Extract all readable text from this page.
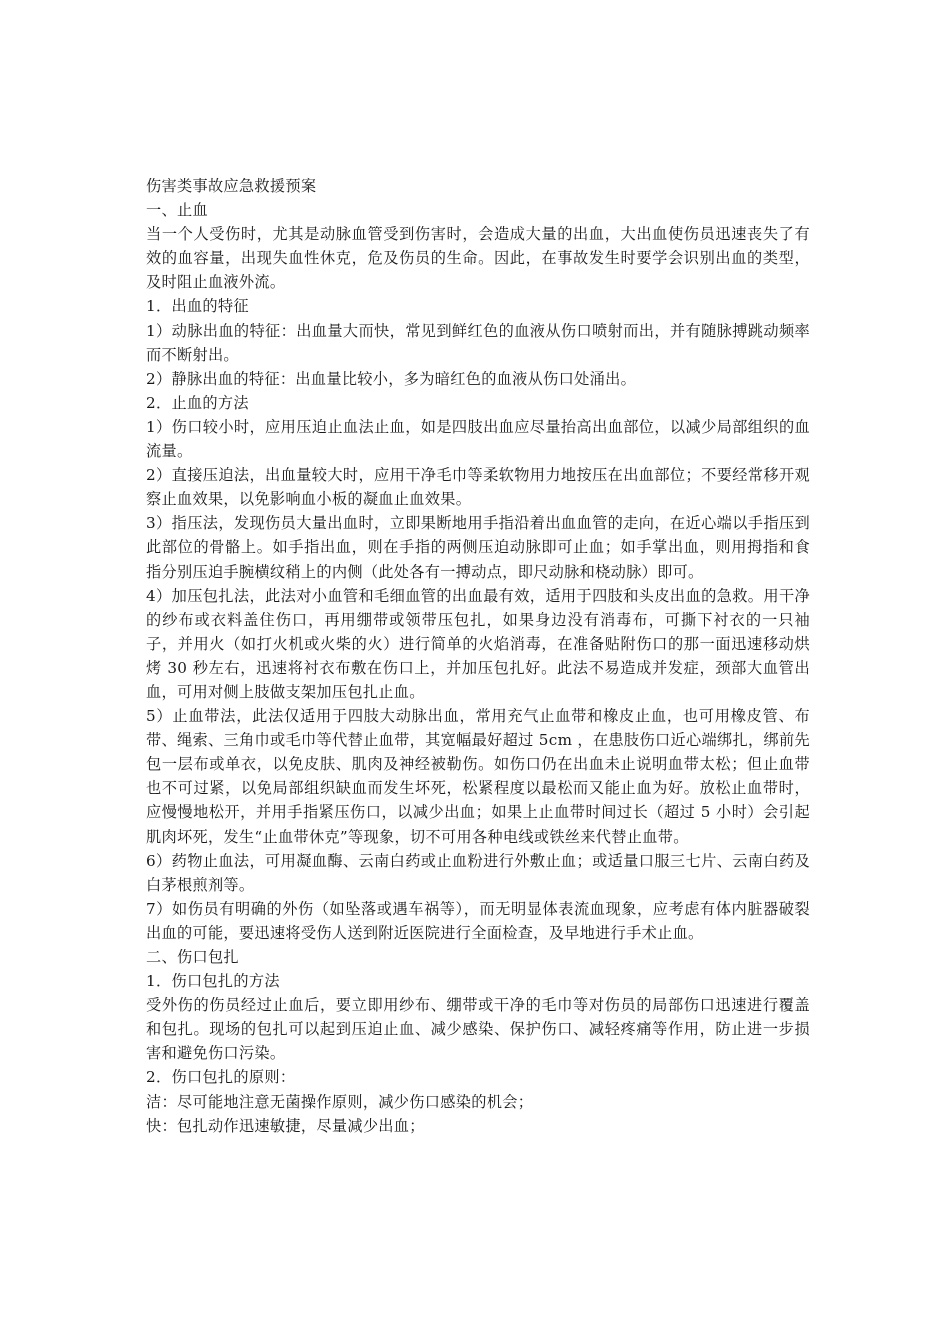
伤害类事故应急救援预案

一、止血

当一个人受伤时，尤其是动脉血管受到伤害时，会造成大量的出血，大出血使伤员迅速丧失了有效的血容量，出现失血性休克，危及伤员的生命。因此，在事故发生时要学会识别出血的类型，及时阻止血液外流。

1．出血的特征

1）动脉出血的特征：出血量大而快，常见到鲜红色的血液从伤口喷射而出，并有随脉搏跳动频率而不断射出。

2）静脉出血的特征：出血量比较小，多为暗红色的血液从伤口处涌出。

2．止血的方法

1）伤口较小时，应用压迫止血法止血，如是四肢出血应尽量抬高出血部位，以减少局部组织的血流量。

2）直接压迫法，出血量较大时，应用干净毛巾等柔软物用力地按压在出血部位；不要经常移开观察止血效果，以免影响血小板的凝血止血效果。

3）指压法，发现伤员大量出血时，立即果断地用手指沿着出血血管的走向，在近心端以手指压到此部位的骨骼上。如手指出血，则在手指的两侧压迫动脉即可止血；如手掌出血，则用拇指和食指分别压迫手腕横纹稍上的内侧（此处各有一搏动点，即尺动脉和桡动脉）即可。

4）加压包扎法，此法对小血管和毛细血管的出血最有效，适用于四肢和头皮出血的急救。用干净的纱布或衣料盖住伤口，再用绷带或领带压包扎，如果身边没有消毒布，可撕下衬衣的一只袖子，并用火（如打火机或火柴的火）进行简单的火焰消毒，在准备贴附伤口的那一面迅速移动烘烤 30 秒左右，迅速将衬衣布敷在伤口上，并加压包扎好。此法不易造成并发症，颈部大血管出血，可用对侧上肢做支架加压包扎止血。

5）止血带法，此法仅适用于四肢大动脉出血，常用充气止血带和橡皮止血，也可用橡皮管、布带、绳索、三角巾或毛巾等代替止血带，其宽幅最好超过 5cm ，在患肢伤口近心端绑扎，绑前先包一层布或单衣，以免皮肤、肌肉及神经被勒伤。如伤口仍在出血未止说明血带太松；但止血带也不可过紧，以免局部组织缺血而发生坏死，松紧程度以最松而又能止血为好。放松止血带时，应慢慢地松开，并用手指紧压伤口，以减少出血；如果上止血带时间过长（超过 5 小时）会引起肌肉坏死，发生“止血带休克”等现象，切不可用各种电线或铁丝来代替止血带。

6）药物止血法，可用凝血酶、云南白药或止血粉进行外敷止血；或适量口服三七片、云南白药及白茅根煎剂等。

7）如伤员有明确的外伤（如坠落或遇车祸等），而无明显体表流血现象，应考虑有体内脏器破裂出血的可能，要迅速将受伤人送到附近医院进行全面检查，及早地进行手术止血。

二、伤口包扎

1．伤口包扎的方法

受外伤的伤员经过止血后，要立即用纱布、绷带或干净的毛巾等对伤员的局部伤口迅速进行覆盖和包扎。现场的包扎可以起到压迫止血、减少感染、保护伤口、减轻疼痛等作用，防止进一步损害和避免伤口污染。

2．伤口包扎的原则：

洁：尽可能地注意无菌操作原则，减少伤口感染的机会；

快：包扎动作迅速敏捷，尽量减少出血；
